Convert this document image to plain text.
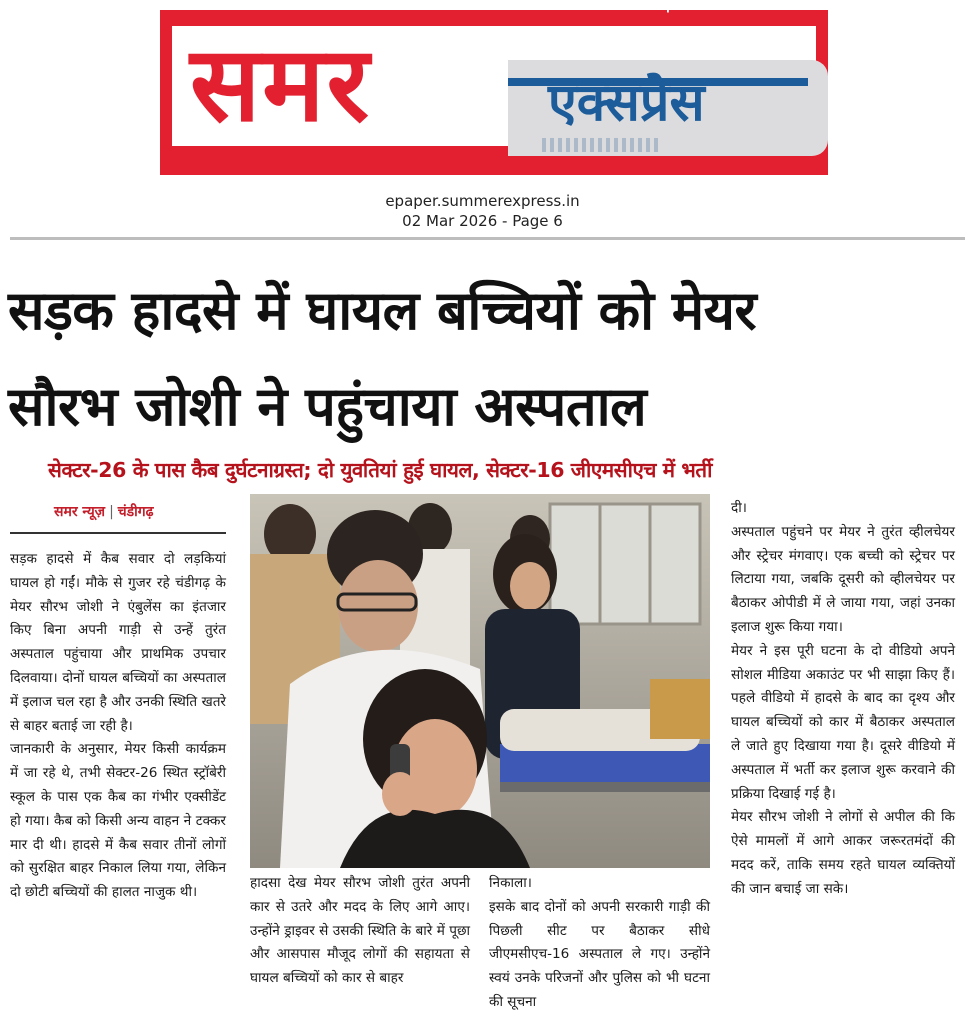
समर	एक्सप्रेस
www.summerexpress.in ↖
epaper.summerexpress.in
02 Mar 2026 - Page 6
सड़क हादसे में घायल बच्चियों को मेयर
सौरभ जोशी ने पहुंचाया अस्पताल
सेक्टर-26 के पास कैब दुर्घटनाग्रस्त; दो युवतियां हुई घायल, सेक्टर-16 जीएमसीएच में भर्ती
समर न्यूज़ | चंडीगढ़

सड़क हादसे में कैब सवार दो लड़कियां घायल हो गईं। मौके से गुजर रहे चंडीगढ़ के मेयर सौरभ जोशी ने एंबुलेंस का इंतजार किए बिना अपनी गाड़ी से उन्हें तुरंत अस्पताल पहुंचाया और प्राथमिक उपचार दिलवाया। दोनों घायल बच्चियों का अस्पताल में इलाज चल रहा है और उनकी स्थिति खतरे से बाहर बताई जा रही है।

जानकारी के अनुसार, मेयर किसी कार्यक्रम में जा रहे थे, तभी सेक्टर-26 स्थित स्ट्रॉबेरी स्कूल के पास एक कैब का गंभीर एक्सीडेंट हो गया। कैब को किसी अन्य वाहन ने टक्कर मार दी थी। हादसे में कैब सवार तीनों लोगों को सुरक्षित बाहर निकाल लिया गया, लेकिन दो छोटी बच्चियों की हालत नाजुक थी।

हादसा देख मेयर सौरभ जोशी तुरंत अपनी कार से उतरे और मदद के लिए आगे आए। उन्होंने ड्राइवर से उसकी स्थिति के बारे में पूछा और आसपास मौजूद लोगों की सहायता से घायल बच्चियों को कार से बाहर

निकाला।

इसके बाद दोनों को अपनी सरकारी गाड़ी की पिछली सीट पर बैठाकर सीधे जीएमसीएच-16 अस्पताल ले गए। उन्होंने स्वयं उनके परिजनों और पुलिस को भी घटना की सूचना

दी।

अस्पताल पहुंचने पर मेयर ने तुरंत व्हीलचेयर और स्ट्रेचर मंगवाए। एक बच्ची को स्ट्रेचर पर लिटाया गया, जबकि दूसरी को व्हीलचेयर पर बैठाकर ओपीडी में ले जाया गया, जहां उनका इलाज शुरू किया गया।

मेयर ने इस पूरी घटना के दो वीडियो अपने सोशल मीडिया अकाउंट पर भी साझा किए हैं। पहले वीडियो में हादसे के बाद का दृश्य और घायल बच्चियों को कार में बैठाकर अस्पताल ले जाते हुए दिखाया गया है। दूसरे वीडियो में अस्पताल में भर्ती कर इलाज शुरू करवाने की प्रक्रिया दिखाई गई है।

मेयर सौरभ जोशी ने लोगों से अपील की कि ऐसे मामलों में आगे आकर जरूरतमंदों की मदद करें, ताकि समय रहते घायल व्यक्तियों की जान बचाई जा सके।
